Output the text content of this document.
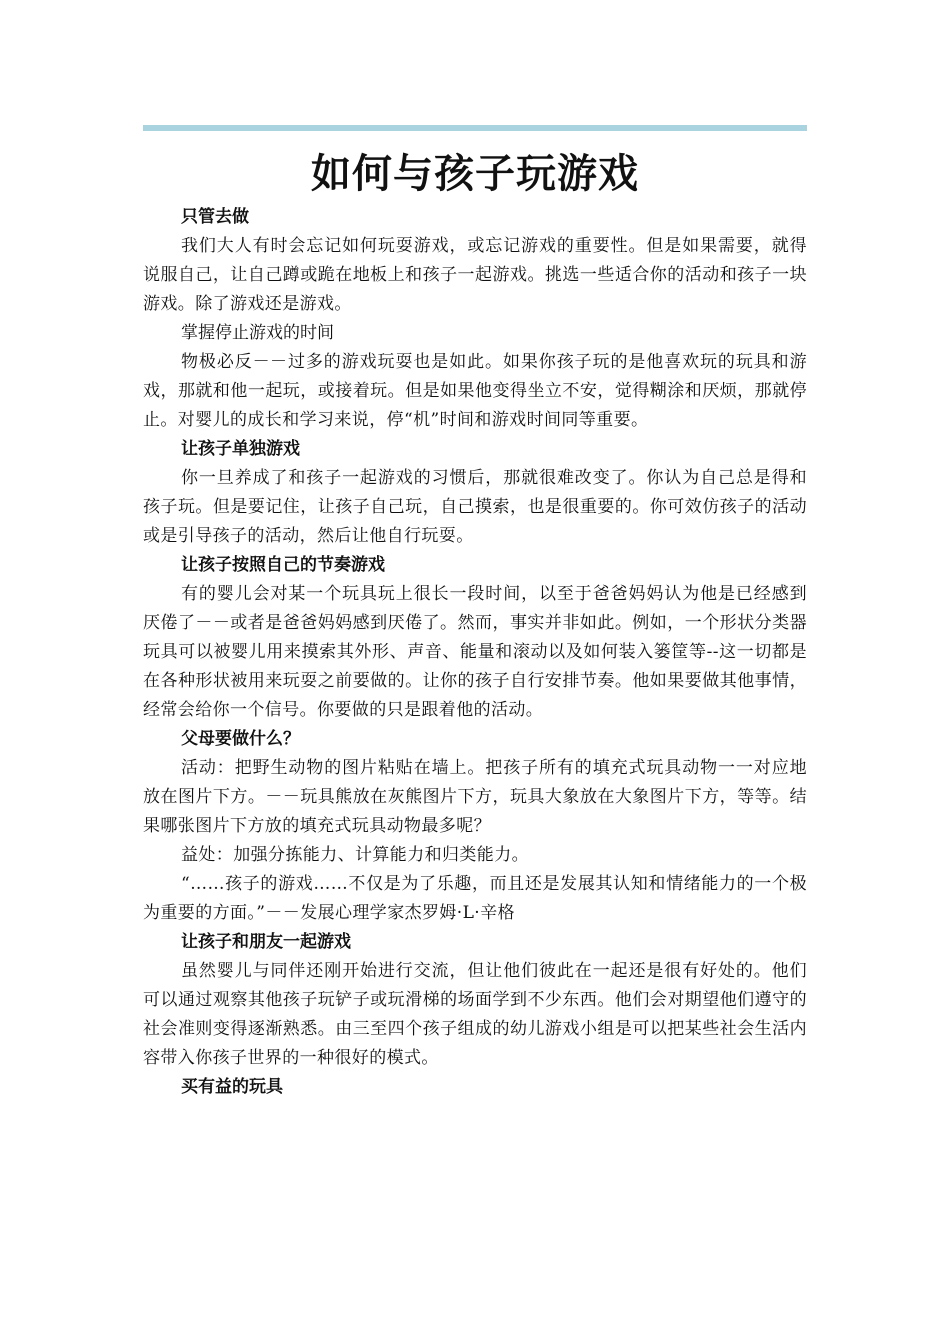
如何与孩子玩游戏

只管去做

我们大人有时会忘记如何玩耍游戏，或忘记游戏的重要性。但是如果需要，就得说服自己，让自己蹲或跪在地板上和孩子一起游戏。挑选一些适合你的活动和孩子一块游戏。除了游戏还是游戏。

掌握停止游戏的时间

物极必反－－过多的游戏玩耍也是如此。如果你孩子玩的是他喜欢玩的玩具和游戏，那就和他一起玩，或接着玩。但是如果他变得坐立不安，觉得糊涂和厌烦，那就停止。对婴儿的成长和学习来说，停“机”时间和游戏时间同等重要。

让孩子单独游戏

你一旦养成了和孩子一起游戏的习惯后，那就很难改变了。你认为自己总是得和孩子玩。但是要记住，让孩子自己玩，自己摸索，也是很重要的。你可效仿孩子的活动或是引导孩子的活动，然后让他自行玩耍。

让孩子按照自己的节奏游戏

有的婴儿会对某一个玩具玩上很长一段时间，以至于爸爸妈妈认为他是已经感到厌倦了－－或者是爸爸妈妈感到厌倦了。然而，事实并非如此。例如，一个形状分类器玩具可以被婴儿用来摸索其外形、声音、能量和滚动以及如何装入篓筐等--这一切都是在各种形状被用来玩耍之前要做的。让你的孩子自行安排节奏。他如果要做其他事情，经常会给你一个信号。你要做的只是跟着他的活动。

父母要做什么？

活动：把野生动物的图片粘贴在墙上。把孩子所有的填充式玩具动物一一对应地放在图片下方。－－玩具熊放在灰熊图片下方，玩具大象放在大象图片下方，等等。结果哪张图片下方放的填充式玩具动物最多呢？

益处：加强分拣能力、计算能力和归类能力。

“……孩子的游戏……不仅是为了乐趣，而且还是发展其认知和情绪能力的一个极为重要的方面。”－－发展心理学家杰罗姆·L·辛格

让孩子和朋友一起游戏

虽然婴儿与同伴还刚开始进行交流，但让他们彼此在一起还是很有好处的。他们可以通过观察其他孩子玩铲子或玩滑梯的场面学到不少东西。他们会对期望他们遵守的社会准则变得逐渐熟悉。由三至四个孩子组成的幼儿游戏小组是可以把某些社会生活内容带入你孩子世界的一种很好的模式。

买有益的玩具
